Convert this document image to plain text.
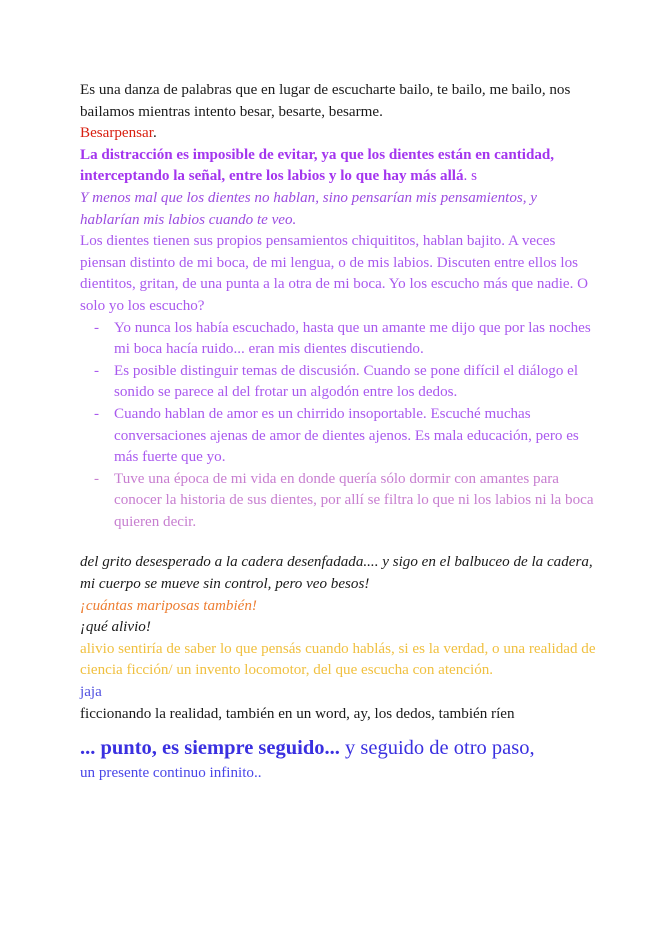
Es una danza de palabras que en lugar de escucharte bailo, te bailo, me bailo, nos bailamos mientras intento besar, besarte, besarme.

Besarpensar.

La distracción es imposible de evitar, ya que los dientes están en cantidad, interceptando la señal, entre los labios y lo que hay más allá. s

Y menos mal que los dientes no hablan, sino pensarían mis pensamientos, y hablarían mis labios cuando te veo.

Los dientes tienen sus propios pensamientos chiquititos, hablan bajito. A veces piensan distinto de mi boca, de mi lengua, o de mis labios. Discuten entre ellos los dientitos, gritan, de una punta a la otra de mi boca. Yo los escucho más que nadie. O solo yo los escucho?

- Yo nunca los había escuchado, hasta que un amante me dijo que por las noches mi boca hacía ruido... eran mis dientes discutiendo.
- Es posible distinguir temas de discusión. Cuando se pone difícil el diálogo el sonido se parece al del frotar un algodón entre los dedos.
- Cuando hablan de amor es un chirrido insoportable. Escuché muchas conversaciones ajenas de amor de dientes ajenos. Es mala educación, pero es más fuerte que yo.
- Tuve una época de mi vida en donde quería sólo dormir con amantes para conocer la historia de sus dientes, por allí se filtra lo que ni los labios ni la boca quieren decir.

del grito desesperado a la cadera desenfadada.... y sigo en el balbuceo de la cadera, mi cuerpo se mueve sin control, pero veo besos!

¡cuántas mariposas también!

¡qué alivio!

alivio sentiría de saber lo que pensás cuando hablás, si es la verdad, o una realidad de ciencia ficción/ un invento locomotor, del que escucha con atención.

jaja

ficcionando la realidad, también en un word, ay, los dedos, también ríen

... punto, es siempre seguido... y seguido de otro paso,

un presente continuo infinito..
